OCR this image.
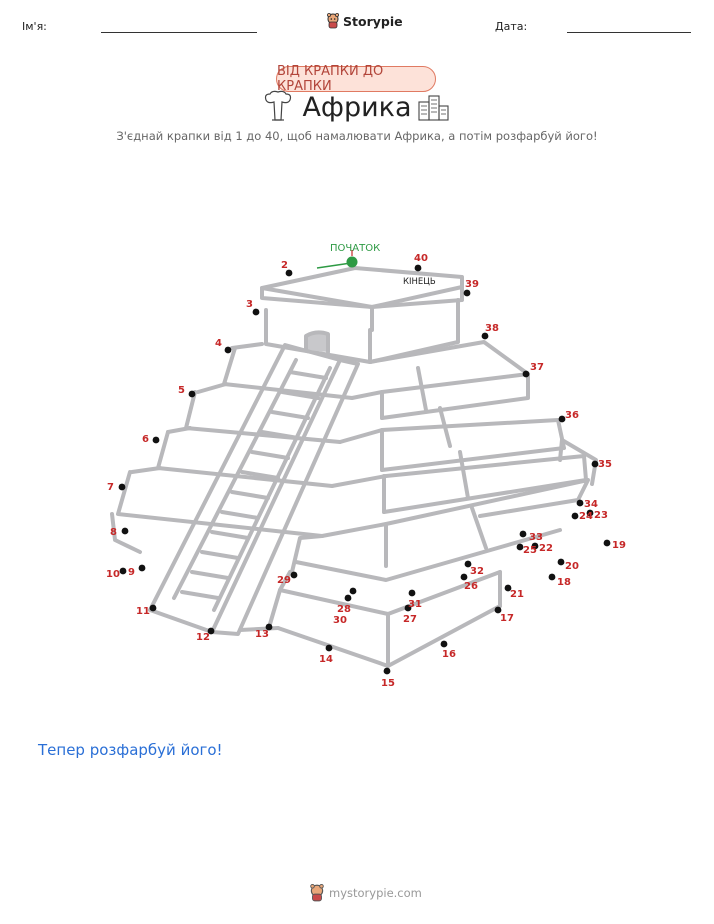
Ім'я:	Storypie	Дата:
ВІД КРАПКИ ДО КРАПКИ
Африка
З'єднай крапки від 1 до 40, щоб намалювати Африка, а потім розфарбуй його!
ПОЧАТОК
КІНЕЦЬ
2
3
4
5
6
7
8
9
10
11
12	13
14
15
16
17
18
19
20
21
22
23
24
25
26
27
28
29
30
31
32
33
34
35
36
37
38
39
40
Тепер розфарбуй його!
mystorypie.com
